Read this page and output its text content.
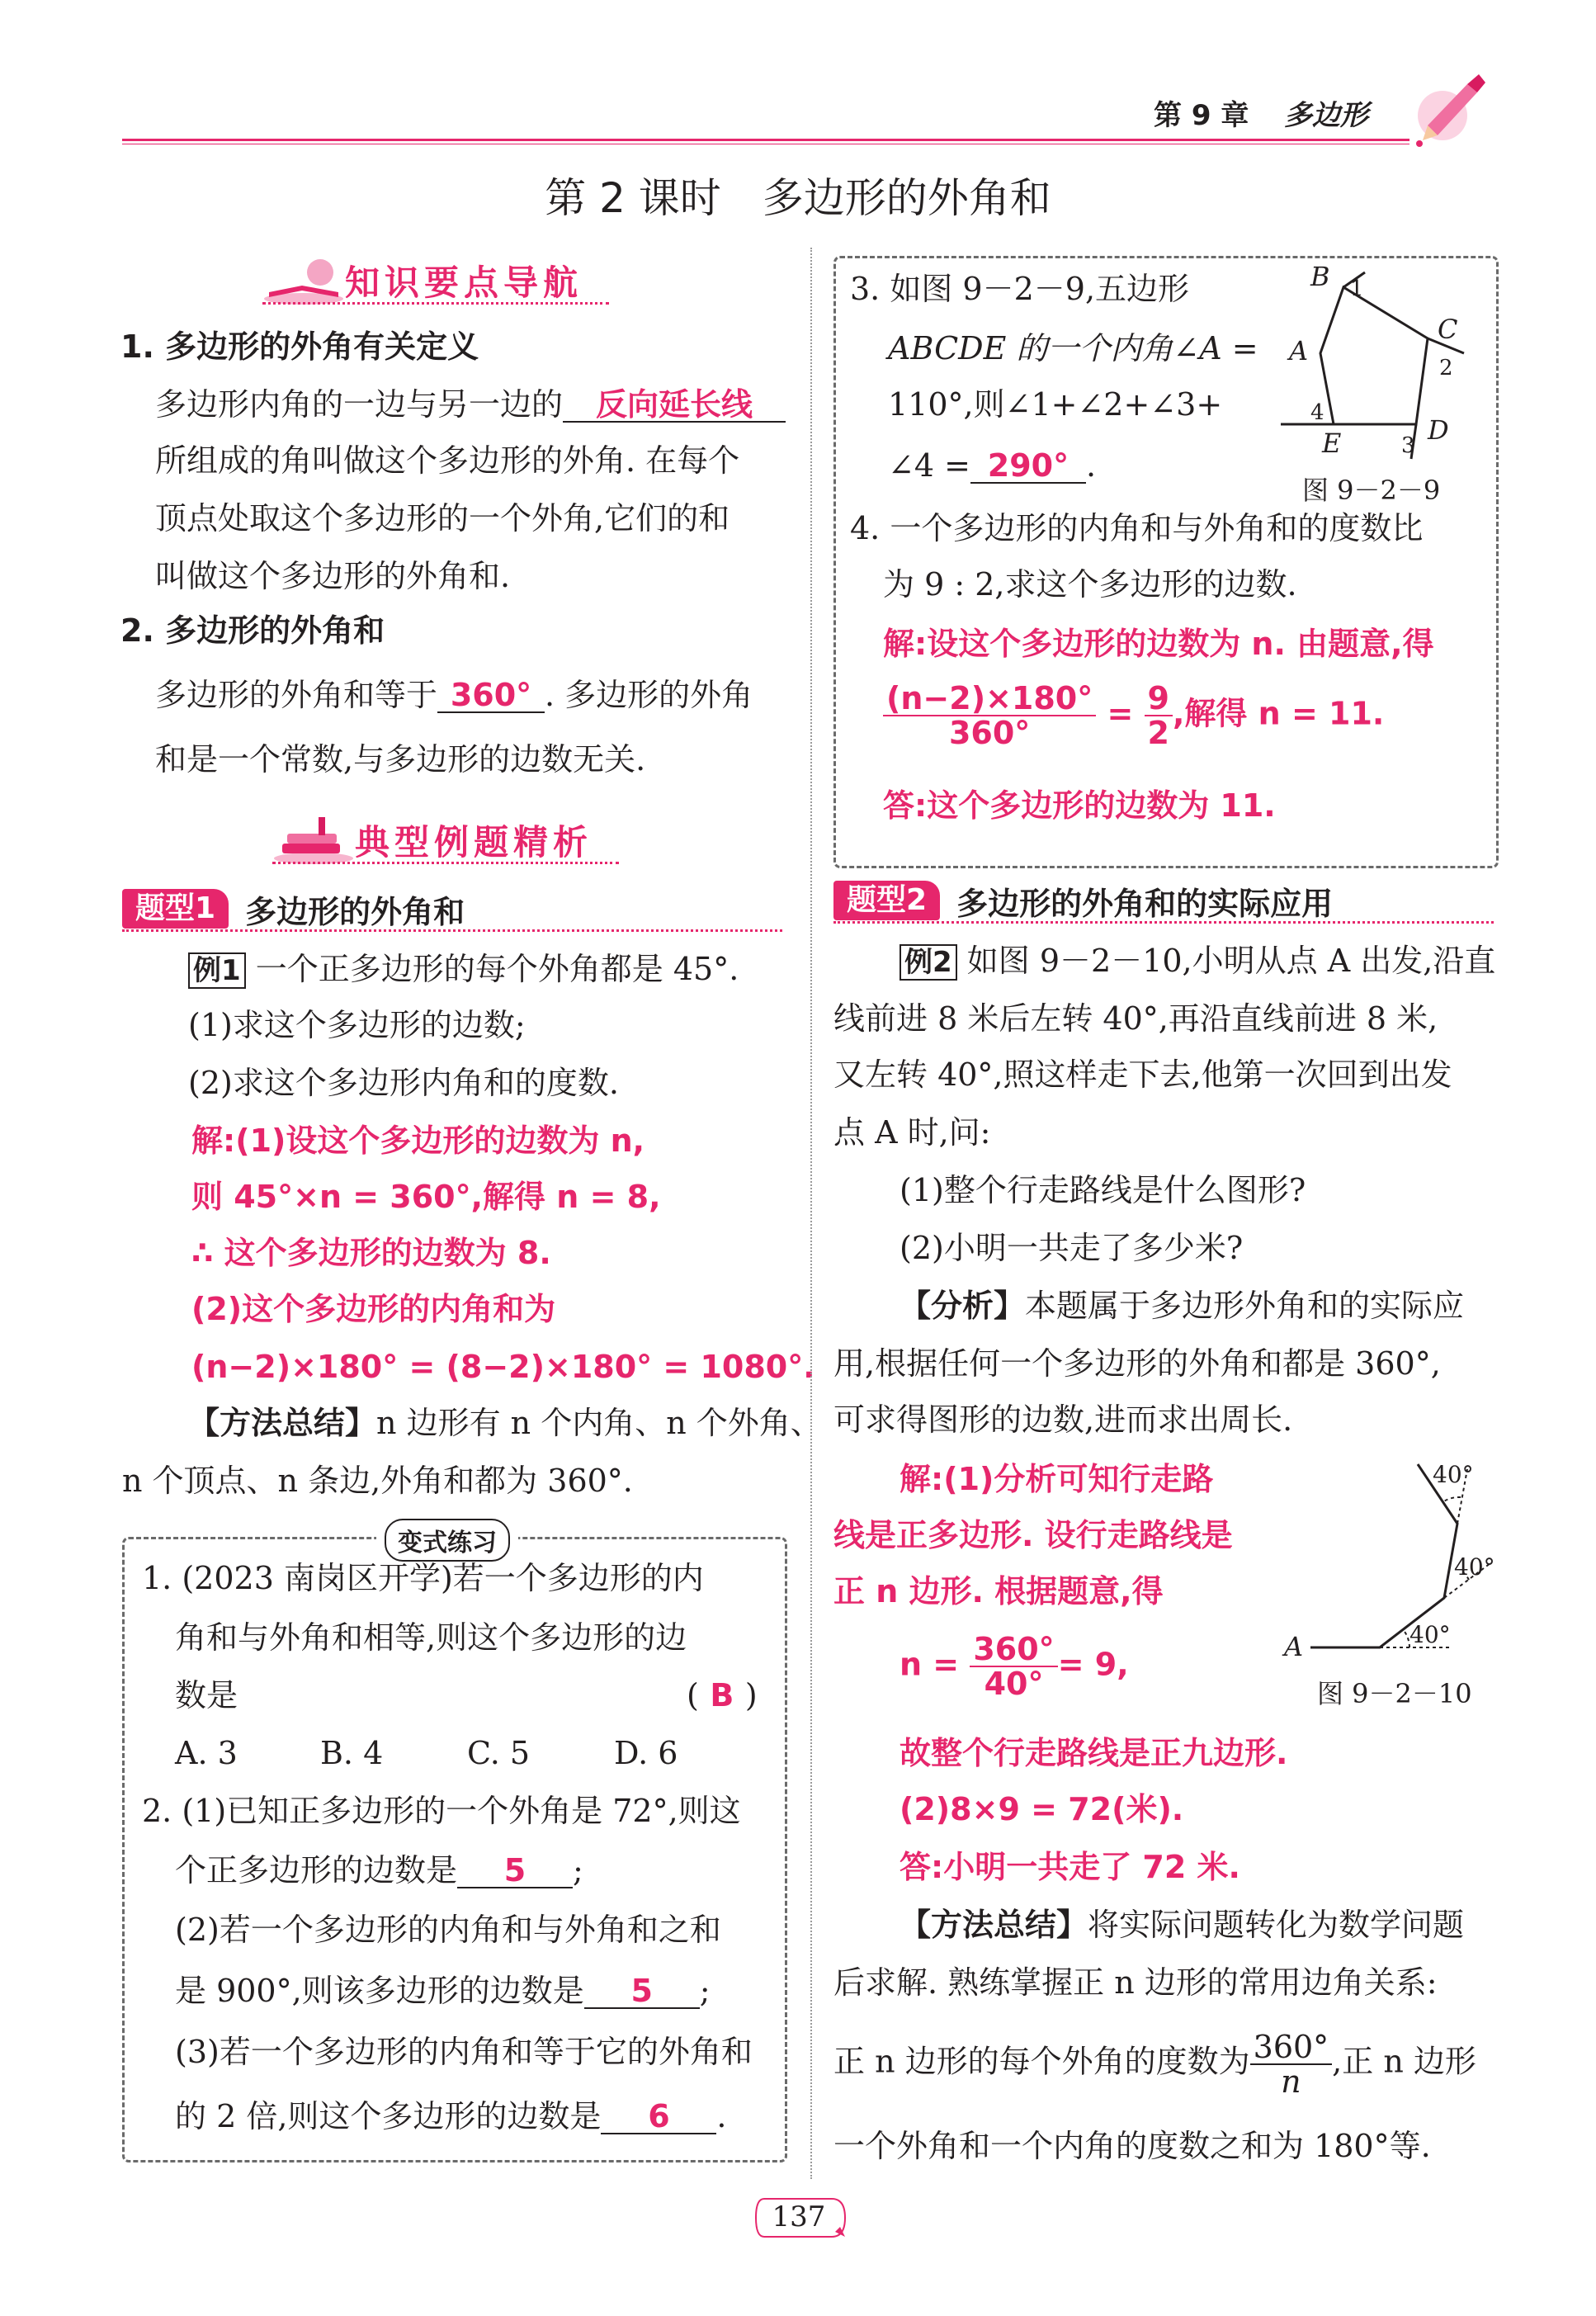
第 9 章 多边形
第 2 课时　多边形的外角和
知识要点导航
1. 多边形的外角有关定义
多边形内角的一边与另一边的 反向延长线
所组成的角叫做这个多边形的外角. 在每个
顶点处取这个多边形的一个外角,它们的和
叫做这个多边形的外角和.
2. 多边形的外角和
多边形的外角和等于 360° . 多边形的外角
和是一个常数,与多边形的边数无关.
典型例题精析
题型1 多边形的外角和
例1 一个正多边形的每个外角都是 45°.
(1)求这个多边形的边数;
(2)求这个多边形内角和的度数.
解:(1)设这个多边形的边数为 n,
则 45°×n = 360°,解得 n = 8,
∴ 这个多边形的边数为 8.
(2)这个多边形的内角和为
(n−2)×180° = (8−2)×180° = 1080°.
【方法总结】n 边形有 n 个内角、n 个外角、
n 个顶点、n 条边,外角和都为 360°.
变式练习
1. (2023 南岗区开学)若一个多边形的内
角和与外角和相等,则这个多边形的边
数是	( B )
A. 3	B. 4	C. 5	D. 6
2. (1)已知正多边形的一个外角是 72°,则这
个正多边形的边数是 5 ;
(2)若一个多边形的内角和与外角和之和
是 900°,则该多边形的边数是 5 ;
(3)若一个多边形的内角和等于它的外角和
的 2 倍,则这个多边形的边数是 6 .
3. 如图 9－2－9,五边形
ABCDE 的一个内角∠A =
110°,则∠1+∠2+∠3+
∠4 = 290° .
A
B
C
D
E
1
2
3
4
图 9－2－9
4. 一个多边形的内角和与外角和的度数比
为 9 : 2,求这个多边形的边数.
解:设这个多边形的边数为 n. 由题意,得
$\frac{(n-2)\times 180^\circ}{360^\circ} = \frac{9}{2}$ ,解得 n = 11.
答:这个多边形的边数为 11.
题型2 多边形的外角和的实际应用
例2 如图 9－2－10,小明从点 A 出发,沿直
线前进 8 米后左转 40°,再沿直线前进 8 米,
又左转 40°,照这样走下去,他第一次回到出发
点 A 时,问:
(1)整个行走路线是什么图形?
(2)小明一共走了多少米?
【分析】本题属于多边形外角和的实际应
用,根据任何一个多边形的外角和都是 360°,
可求得图形的边数,进而求出周长.
解:(1)分析可知行走路
线是正多边形. 设行走路线是
正 n 边形. 根据题意,得
$n = \frac{360^\circ}{40^\circ} = 9$,
故整个行走路线是正九边形.
(2)8×9 = 72(米).
答:小明一共走了 72 米.
A	40°
40°
40°
图 9－2－10
【方法总结】将实际问题转化为数学问题
后求解. 熟练掌握正 n 边形的常用边角关系:
正 n 边形的每个外角的度数为 $\frac{360^\circ}{n}$ ,正 n 边形
一个外角和一个内角的度数之和为 180°等.
137
